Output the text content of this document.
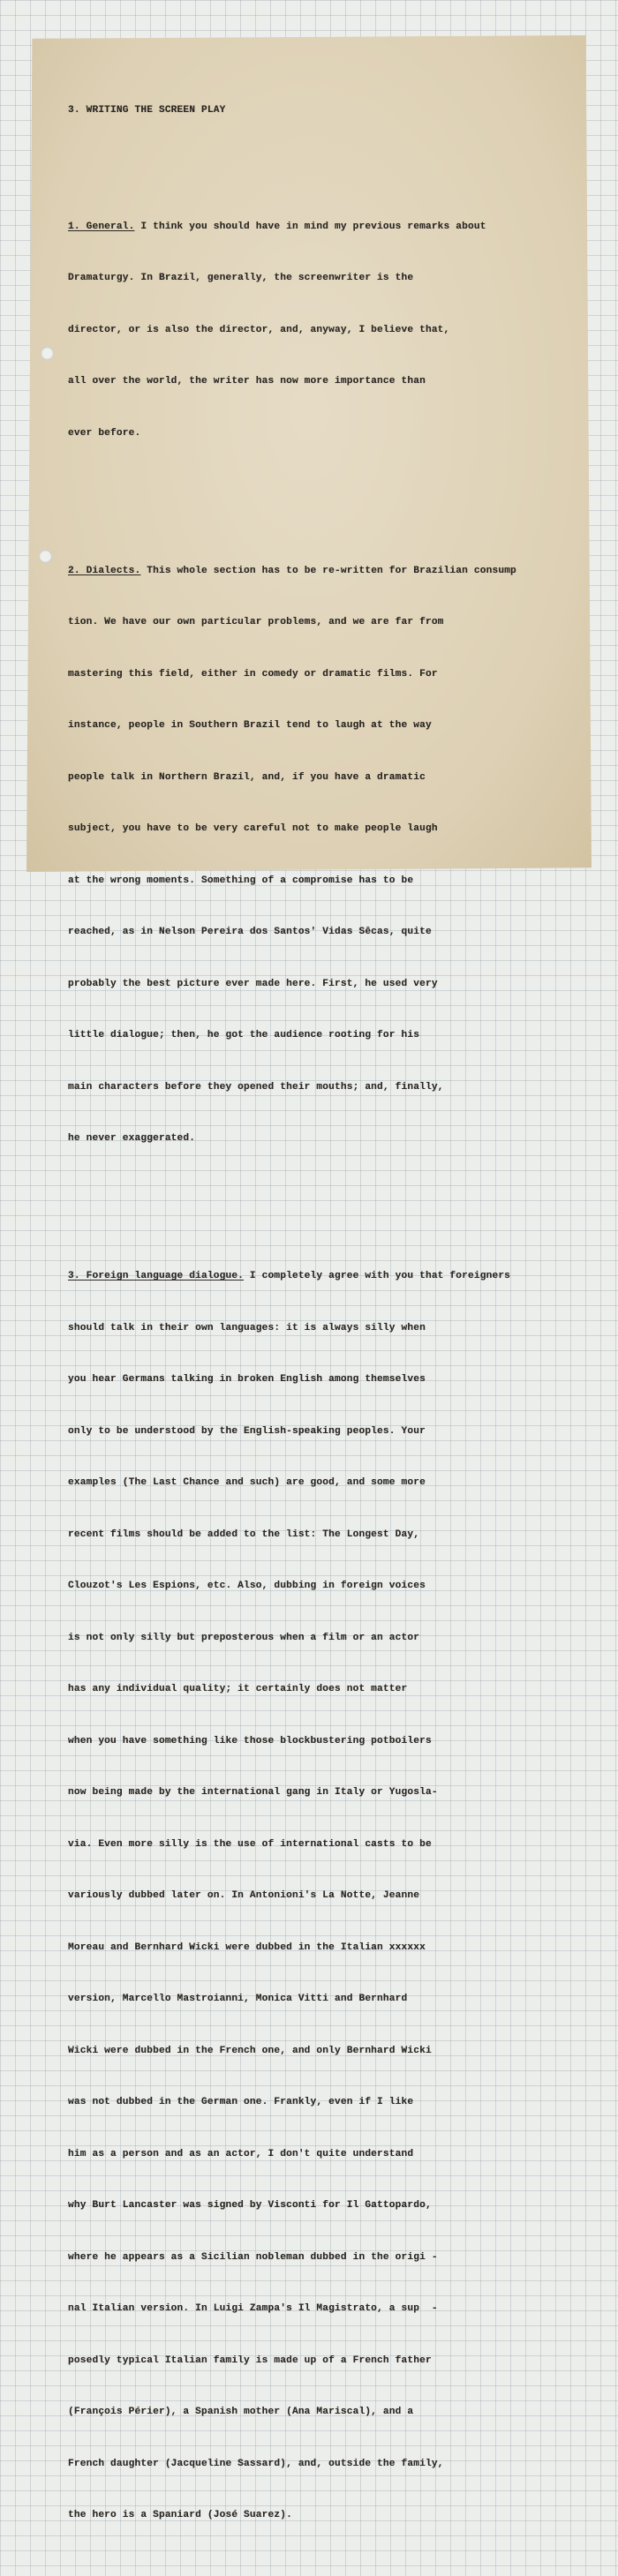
3. WRITING THE SCREEN PLAY

1. General. I think you should have in mind my previous remarks about

Dramaturgy. In Brazil, generally, the screenwriter is the

director, or is also the director, and, anyway, I believe that,

all over the world, the writer has now more importance than

ever before.

2. Dialects. This whole section has to be re-written for Brazilian consump

tion. We have our own particular problems, and we are far from

mastering this field, either in comedy or dramatic films. For

instance, people in Southern Brazil tend to laugh at the way

people talk in Northern Brazil, and, if you have a dramatic

subject, you have to be very careful not to make people laugh

at the wrong moments. Something of a compromise has to be

reached, as in Nelson Pereira dos Santos' Vidas Sêcas, quite

probably the best picture ever made here. First, he used very

little dialogue; then, he got the audience rooting for his

main characters before they opened their mouths; and, finally,

he never exaggerated.

3. Foreign language dialogue. I completely agree with you that foreigners

should talk in their own languages: it is always silly when

you hear Germans talking in broken English among themselves

only to be understood by the English-speaking peoples. Your

examples (The Last Chance and such) are good, and some more

recent films should be added to the list: The Longest Day,

Clouzot's Les Espions, etc. Also, dubbing in foreign voices

is not only silly but preposterous when a film or an actor

has any individual quality; it certainly does not matter

when you have something like those blockbustering potboilers

now being made by the international gang in Italy or Yugosla-

via. Even more silly is the use of international casts to be

variously dubbed later on. In Antonioni's La Notte, Jeanne

Moreau and Bernhard Wicki were dubbed in the Italian xxxxxx

version, Marcello Mastroianni, Monica Vitti and Bernhard

Wicki were dubbed in the French one, and only Bernhard Wicki

was not dubbed in the German one. Frankly, even if I like

him as a person and as an actor, I don't quite understand

why Burt Lancaster was signed by Visconti for Il Gattopardo,

where he appears as a Sicilian nobleman dubbed in the origi -

nal Italian version. In Luigi Zampa's Il Magistrato, a sup  -

posedly typical Italian family is made up of a French father

(François Périer), a Spanish mother (Ana Mariscal), and a

French daughter (Jacqueline Sassard), and, outside the family,

the hero is a Spaniard (José Suarez).
